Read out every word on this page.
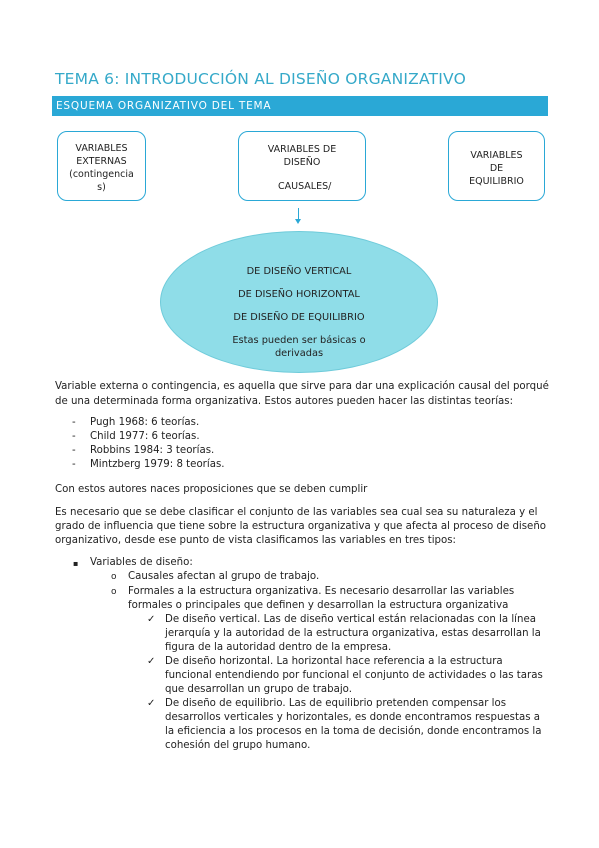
TEMA 6: INTRODUCCIÓN AL DISEÑO ORGANIZATIVO
ESQUEMA ORGANIZATIVO DEL TEMA
VARIABLES
EXTERNAS
(contingencia
s)
VARIABLES DE
DISEÑO
CAUSALES/
VARIABLES
DE
EQUILIBRIO
DE DISEÑO VERTICAL
DE DISEÑO HORIZONTAL
DE DISEÑO DE EQUILIBRIO
Estas pueden ser básicas o
derivadas
Variable externa o contingencia, es aquella que sirve para dar una explicación causal del porqué
de una determinada forma organizativa. Estos autores pueden hacer las distintas teorías:
- Pugh 1968: 6 teorías.
- Child 1977: 6 teorías.
- Robbins 1984: 3 teorías.
- Mintzberg 1979: 8 teorías.
Con estos autores naces proposiciones que se deben cumplir
Es necesario que se debe clasificar el conjunto de las variables sea cual sea su naturaleza y el
grado de influencia que tiene sobre la estructura organizativa y que afecta al proceso de diseño
organizativo, desde ese punto de vista clasificamos las variables en tres tipos:
▪ Variables de diseño:
o Causales afectan al grupo de trabajo.
o Formales a la estructura organizativa. Es necesario desarrollar las variables
formales o principales que definen y desarrollan la estructura organizativa
✓ De diseño vertical. Las de diseño vertical están relacionadas con la línea
jerarquía y la autoridad de la estructura organizativa, estas desarrollan la
figura de la autoridad dentro de la empresa.
✓ De diseño horizontal. La horizontal hace referencia a la estructura
funcional entendiendo por funcional el conjunto de actividades o las taras
que desarrollan un grupo de trabajo.
✓ De diseño de equilibrio. Las de equilibrio pretenden compensar los
desarrollos verticales y horizontales, es donde encontramos respuestas a
la eficiencia a los procesos en la toma de decisión, donde encontramos la
cohesión del grupo humano.
